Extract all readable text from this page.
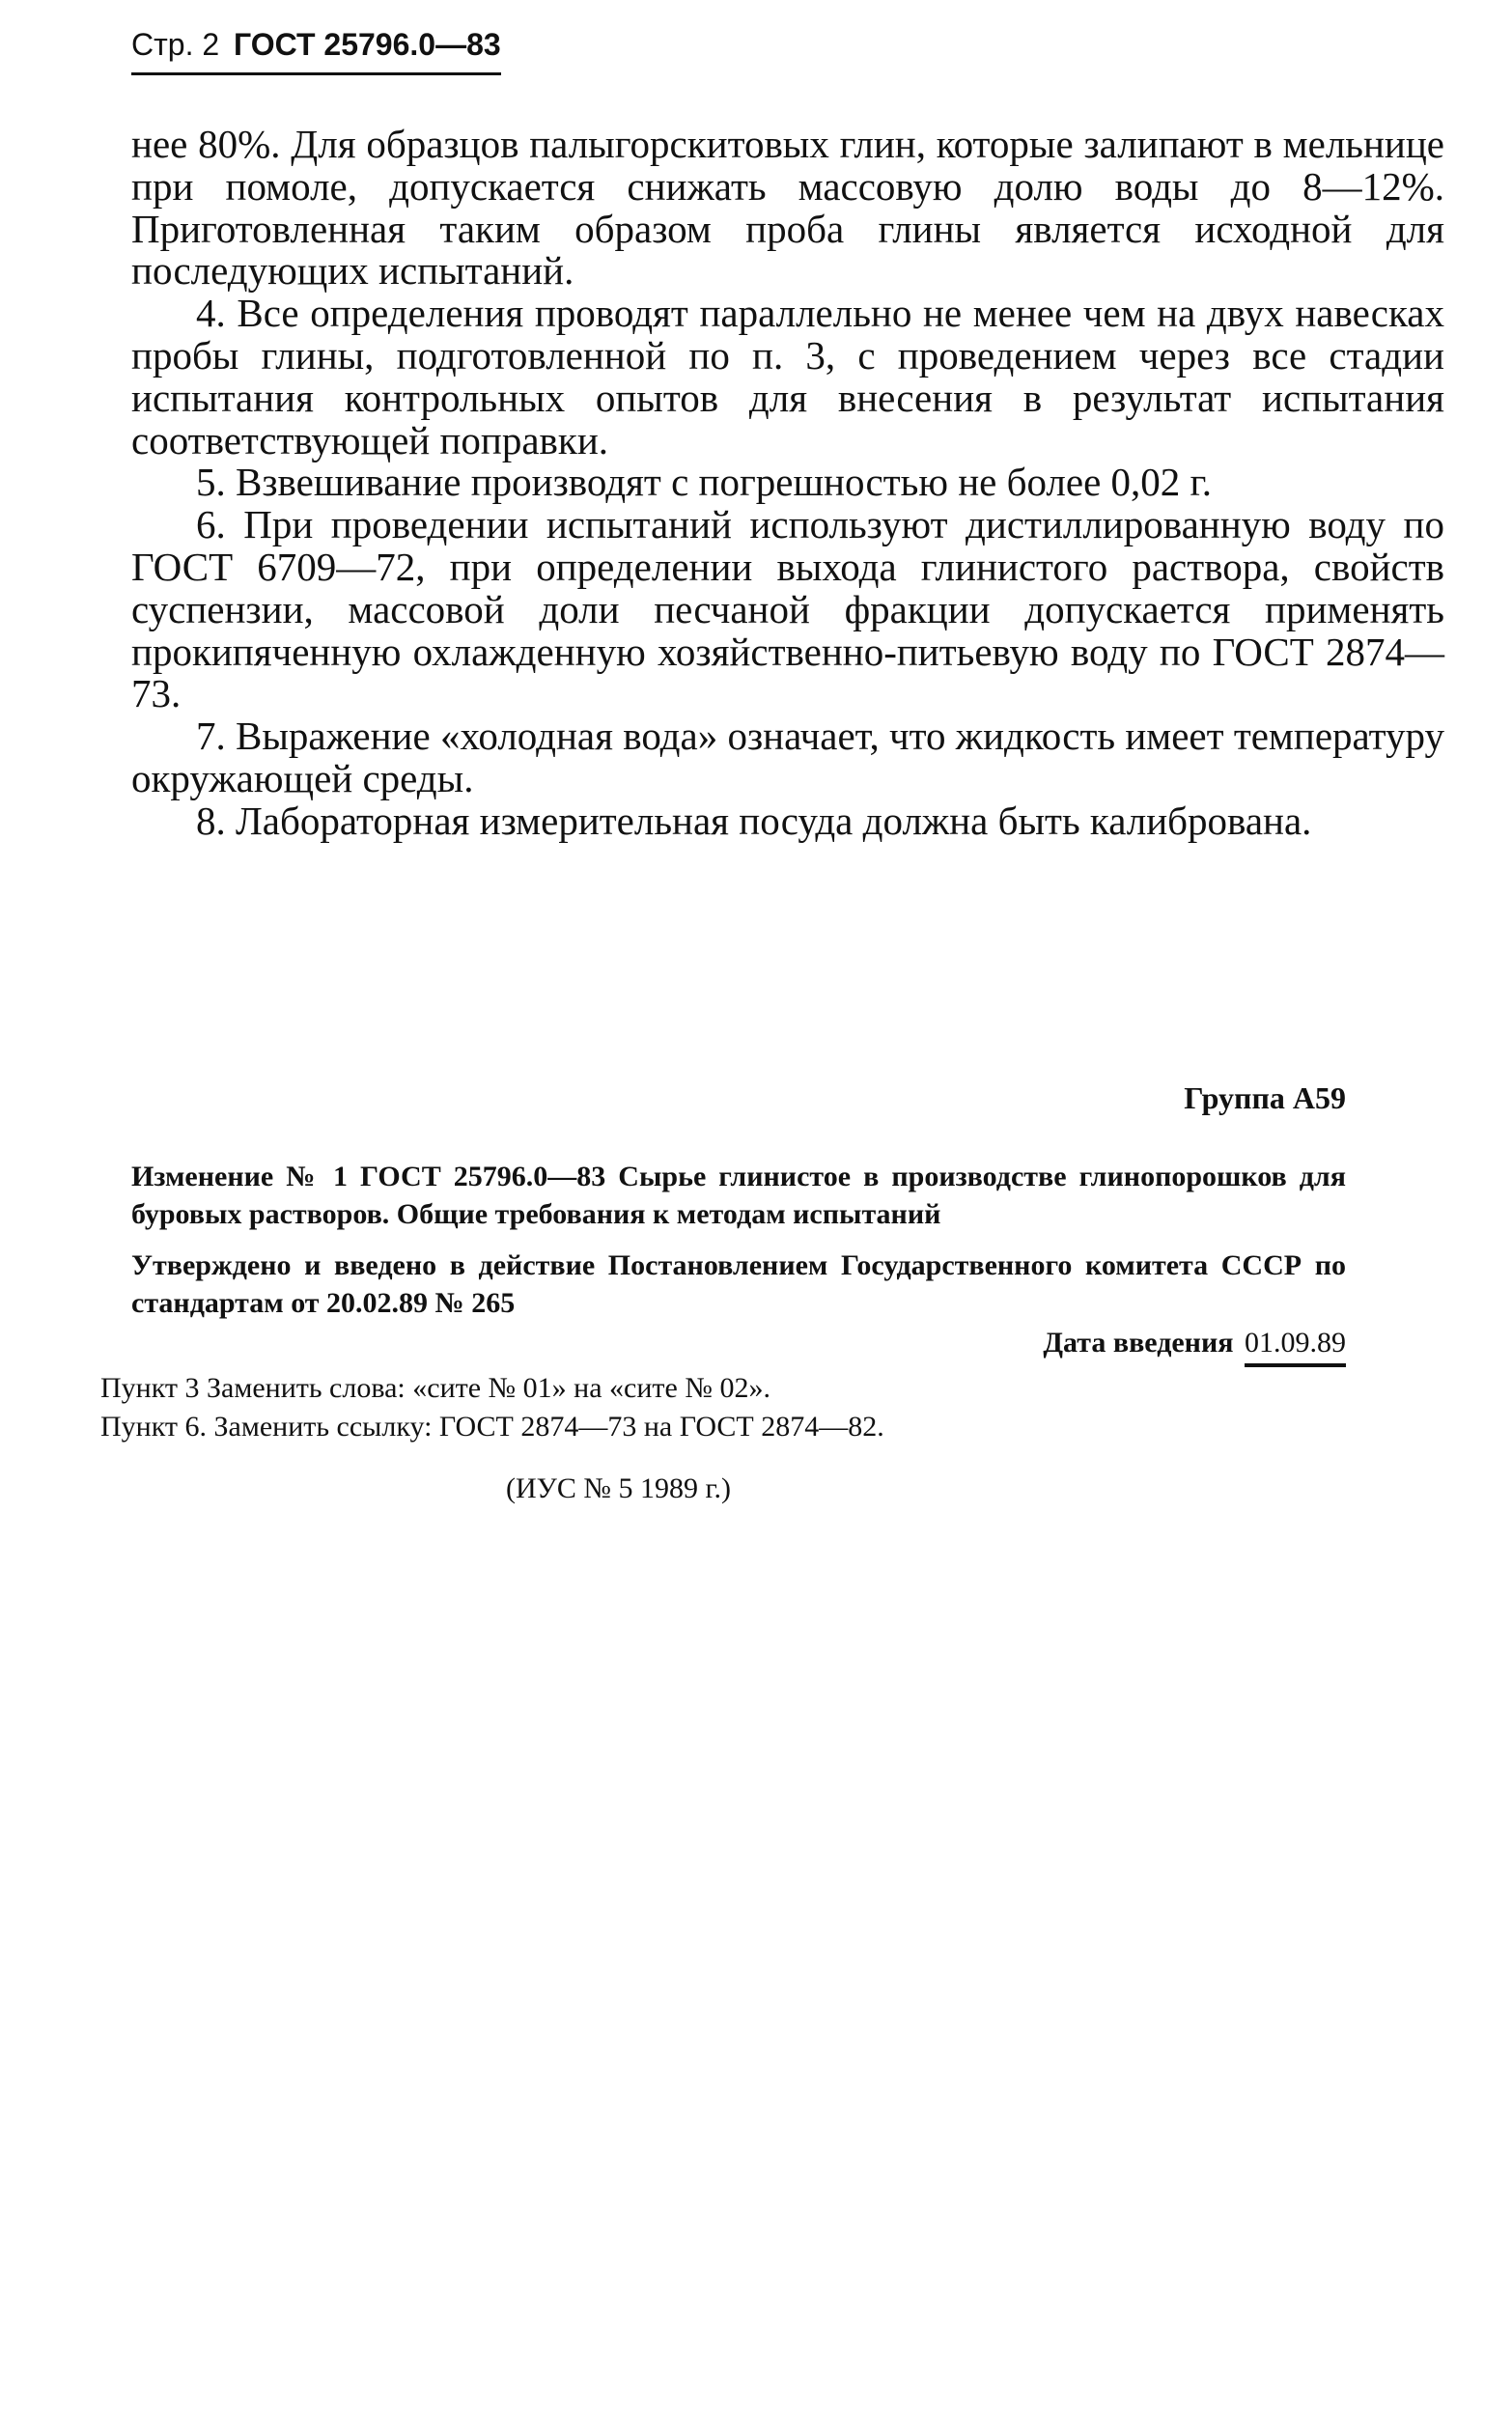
Стр. 2 ГОСТ 25796.0—83

нее 80%. Для образцов палыгорскитовых глин, которые залипают в мельнице при помоле, допускается снижать массовую долю воды до 8—12%. Приготовленная таким образом проба глины является исходной для последующих испытаний.

4. Все определения проводят параллельно не менее чем на двух навесках пробы глины, подготовленной по п. 3, с проведением через все стадии испытания контрольных опытов для внесения в результат испытания соответствующей поправки.

5. Взвешивание производят с погрешностью не более 0,02 г.

6. При проведении испытаний используют дистиллированную воду по ГОСТ 6709—72, при определении выхода глинистого раствора, свойств суспензии, массовой доли песчаной фракции допускается применять прокипяченную охлажденную хозяйственно-питьевую воду по ГОСТ 2874—73.

7. Выражение «холодная вода» означает, что жидкость имеет температуру окружающей среды.

8. Лабораторная измерительная посуда должна быть калибрована.

Группа А59

Изменение № 1 ГОСТ 25796.0—83 Сырье глинистое в производстве глинопорошков для буровых растворов. Общие требования к методам испытаний

Утверждено и введено в действие Постановлением Государственного комитета СССР по стандартам от 20.02.89 № 265

Дата введения 01.09.89

Пункт 3 Заменить слова: «сите № 01» на «сите № 02».

Пункт 6. Заменить ссылку: ГОСТ 2874—73 на ГОСТ 2874—82.

(ИУС № 5 1989 г.)
